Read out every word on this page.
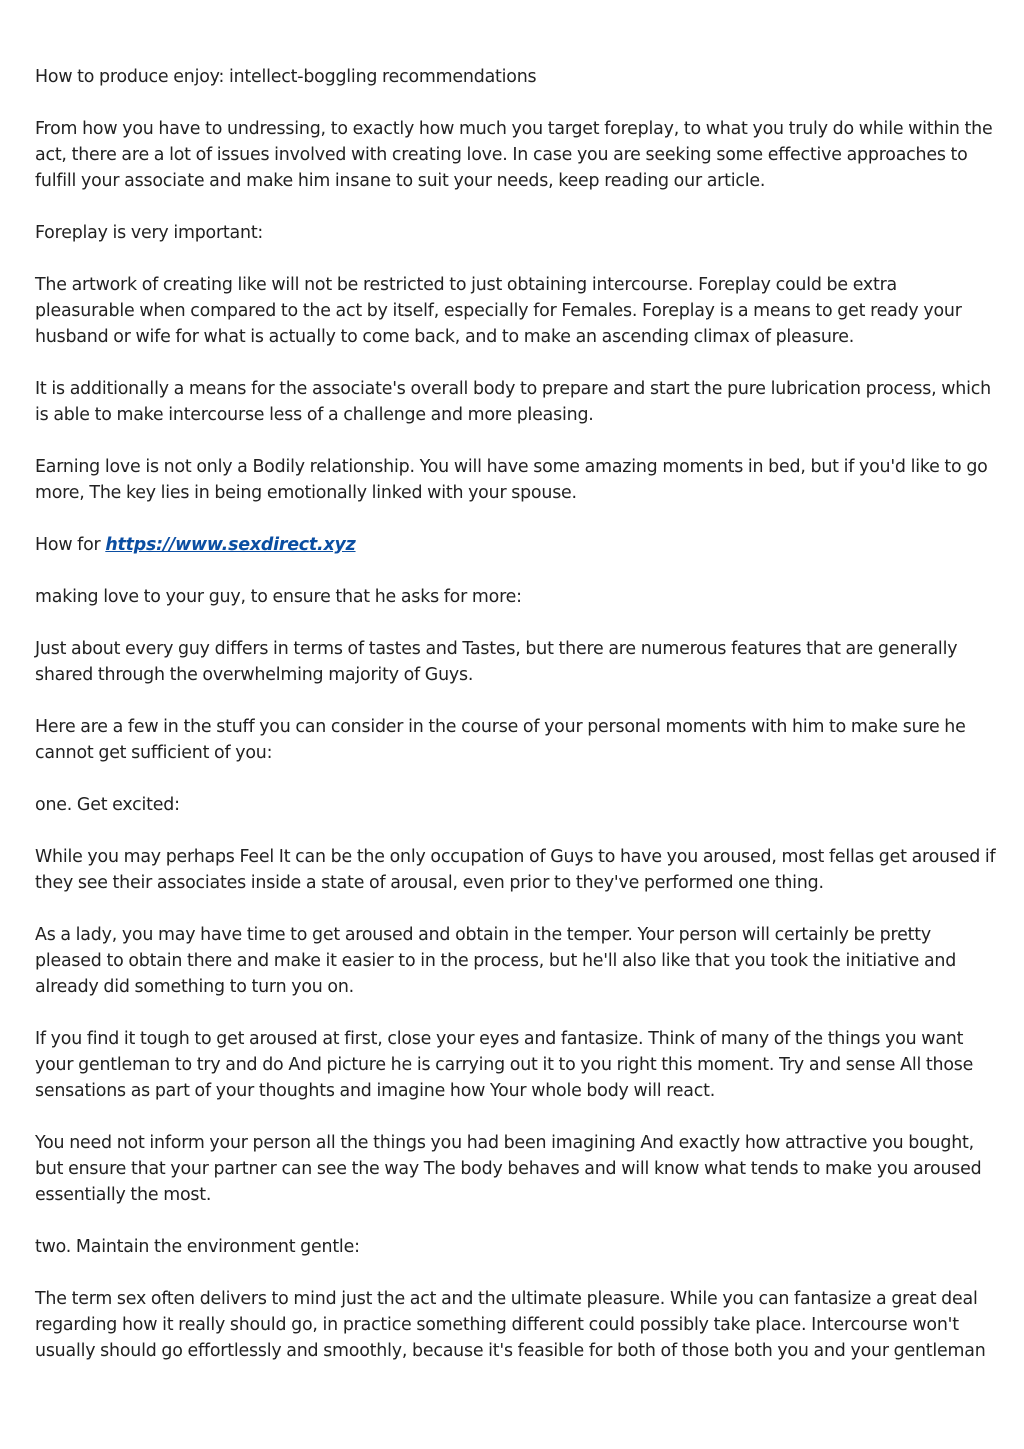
How to produce enjoy: intellect-boggling recommendations

From how you have to undressing, to exactly how much you target foreplay, to what you truly do while within the act, there are a lot of issues involved with creating love. In case you are seeking some effective approaches to fulfill your associate and make him insane to suit your needs, keep reading our article.

Foreplay is very important:

The artwork of creating like will not be restricted to just obtaining intercourse. Foreplay could be extra pleasurable when compared to the act by itself, especially for Females. Foreplay is a means to get ready your husband or wife for what is actually to come back, and to make an ascending climax of pleasure.

It is additionally a means for the associate's overall body to prepare and start the pure lubrication process, which is able to make intercourse less of a challenge and more pleasing.

Earning love is not only a Bodily relationship. You will have some amazing moments in bed, but if you'd like to go more, The key lies in being emotionally linked with your spouse.

How for https://www.sexdirect.xyz

making love to your guy, to ensure that he asks for more:

Just about every guy differs in terms of tastes and Tastes, but there are numerous features that are generally shared through the overwhelming majority of Guys.

Here are a few in the stuff you can consider in the course of your personal moments with him to make sure he cannot get sufficient of you:

one. Get excited:

While you may perhaps Feel It can be the only occupation of Guys to have you aroused, most fellas get aroused if they see their associates inside a state of arousal, even prior to they've performed one thing.

As a lady, you may have time to get aroused and obtain in the temper. Your person will certainly be pretty pleased to obtain there and make it easier to in the process, but he'll also like that you took the initiative and already did something to turn you on.

If you find it tough to get aroused at first, close your eyes and fantasize. Think of many of the things you want your gentleman to try and do And picture he is carrying out it to you right this moment. Try and sense All those sensations as part of your thoughts and imagine how Your whole body will react.

You need not inform your person all the things you had been imagining And exactly how attractive you bought, but ensure that your partner can see the way The body behaves and will know what tends to make you aroused essentially the most.

two. Maintain the environment gentle:

The term sex often delivers to mind just the act and the ultimate pleasure. While you can fantasize a great deal regarding how it really should go, in practice something different could possibly take place. Intercourse won't usually should go effortlessly and smoothly, because it's feasible for both of those both you and your gentleman
